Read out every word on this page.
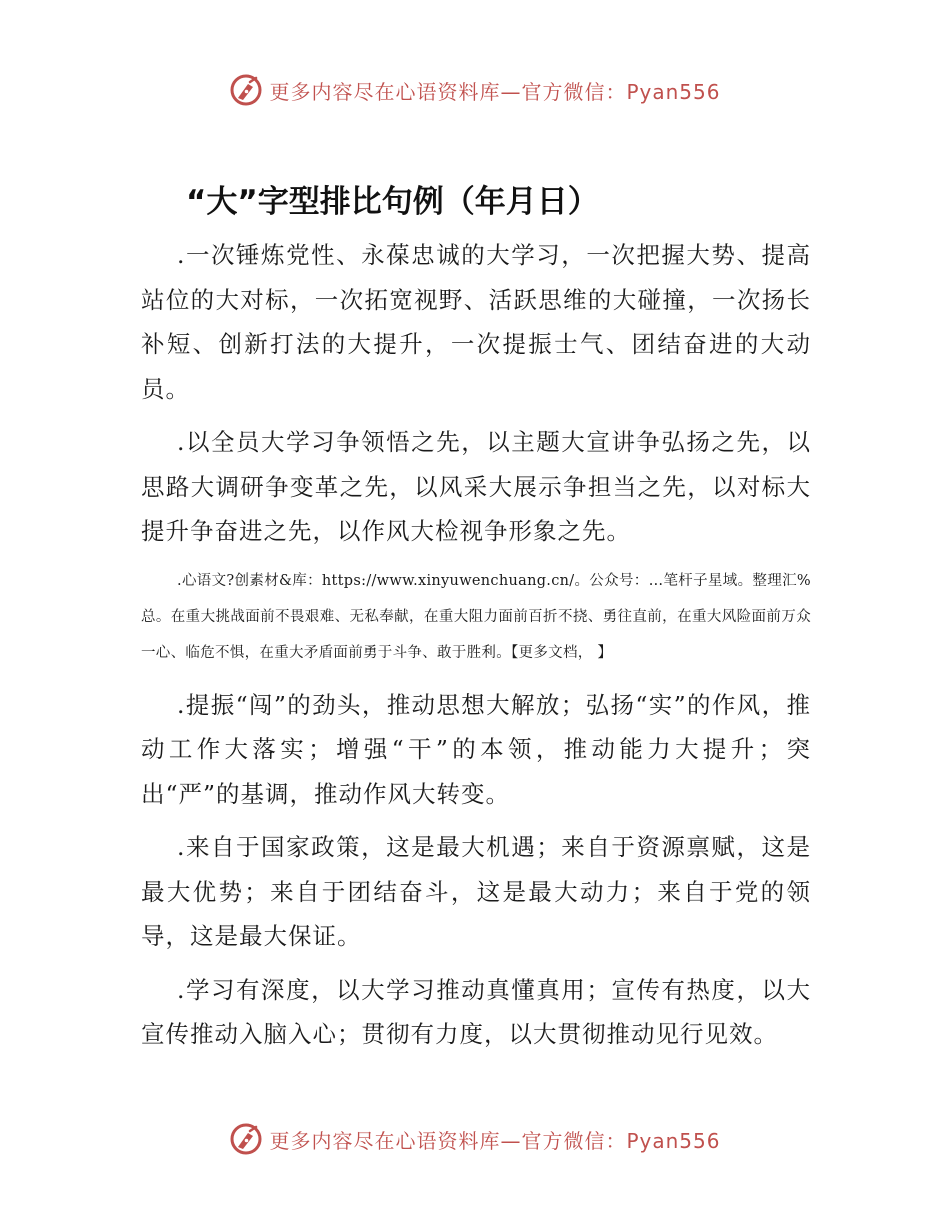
更多内容尽在心语资料库—官方微信：Pyan556
“大”字型排比句例（年月日）

.一次锤炼党性、永葆忠诚的大学习，一次把握大势、提高站位的大对标，一次拓宽视野、活跃思维的大碰撞，一次扬长补短、创新打法的大提升，一次提振士气、团结奋进的大动员。

.以全员大学习争领悟之先，以主题大宣讲争弘扬之先，以思路大调研争变革之先，以风采大展示争担当之先，以对标大提升争奋进之先，以作风大检视争形象之先。

.心语文?创素材&库：https://www.xinyuwenchuang.cn/。公众号：…笔杆子星域。整理汇%总。在重大挑战面前不畏艰难、无私奉献，在重大阻力面前百折不挠、勇往直前，在重大风险面前万众一心、临危不惧，在重大矛盾面前勇于斗争、敢于胜利。【更多文档， 】

.提振“闯”的劲头，推动思想大解放；弘扬“实”的作风，推动工作大落实；增强“干”的本领，推动能力大提升；突出“严”的基调，推动作风大转变。

.来自于国家政策，这是最大机遇；来自于资源禀赋，这是最大优势；来自于团结奋斗，这是最大动力；来自于党的领导，这是最大保证。

.学习有深度，以大学习推动真懂真用；宣传有热度，以大宣传推动入脑入心；贯彻有力度，以大贯彻推动见行见效。

更多内容尽在心语资料库—官方微信：Pyan556
